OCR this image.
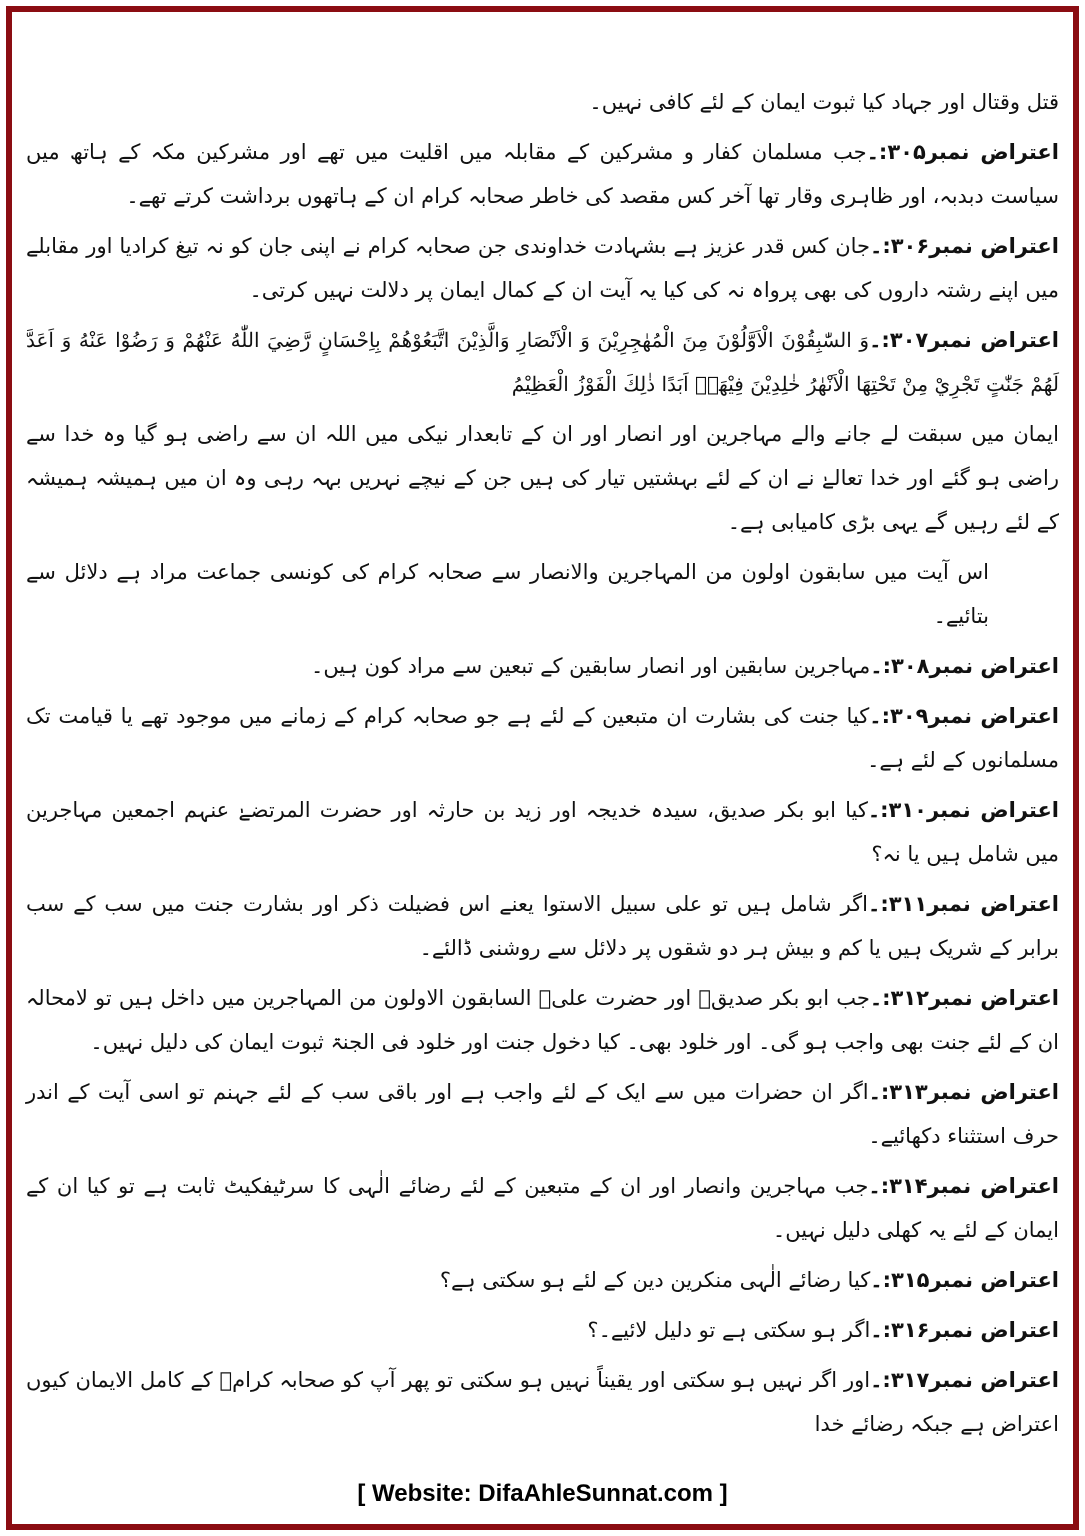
قتل وقتال اور جہاد کیا ثبوت ایمان کے لئے کافی نہیں۔

اعتراض نمبر۳۰۵:۔جب مسلمان کفار و مشرکین کے مقابلہ میں اقلیت میں تھے اور مشرکین مکہ کے ہاتھ میں سیاست دبدبہ، اور ظاہری وقار تھا آخر کس مقصد کی خاطر صحابہ کرام ان کے ہاتھوں برداشت کرتے تھے۔

اعتراض نمبر۳۰۶:۔جان کس قدر عزیز ہے بشہادت خداوندی جن صحابہ کرام نے اپنی جان کو نہ تیغ کرادیا اور مقابلے میں اپنے رشتہ داروں کی بھی پرواہ نہ کی کیا یہ آیت ان کے کمال ایمان پر دلالت نہیں کرتی۔

اعتراض نمبر۳۰۷:۔وَ السّٰبِقُوْنَ الْاَوَّلُوْنَ مِنَ الْمُهٰجِرِيْنَ وَ الْاَنْصَارِ وَالَّذِيْنَ اتَّبَعُوْهُمْ بِاِحْسَانٍ رَّضِيَ اللّٰهُ عَنْهُمْ وَ رَضُوْا عَنْهُ وَ اَعَدَّ لَهُمْ جَنّٰتٍ تَجْرِيْ مِنْ تَحْتِهَا الْاَنْهٰرُ خٰلِدِيْنَ فِيْهَاۤ اَبَدًا ذٰلِكَ الْفَوْزُ الْعَظِيْمُ

ایمان میں سبقت لے جانے والے مہاجرین اور انصار اور ان کے تابعدار نیکی میں اللہ ان سے راضی ہو گیا وہ خدا سے راضی ہو گئے اور خدا تعالےٰ نے ان کے لئے بہشتیں تیار کی ہیں جن کے نیچے نہریں بہہ رہی وہ ان میں ہمیشہ ہمیشہ کے لئے رہیں گے یہی بڑی کامیابی ہے۔

اس آیت میں سابقون اولون من المہاجرین والانصار سے صحابہ کرام کی کونسی جماعت مراد ہے دلائل سے بتائیے۔

اعتراض نمبر۳۰۸:۔مہاجرین سابقین اور انصار سابقین کے تبعین سے مراد کون ہیں۔

اعتراض نمبر۳۰۹:۔کیا جنت کی بشارت ان متبعین کے لئے ہے جو صحابہ کرام کے زمانے میں موجود تھے یا قیامت تک مسلمانوں کے لئے ہے۔

اعتراض نمبر۳۱۰:۔کیا ابو بکر صدیق، سیدہ خدیجہ اور زید بن حارثہ اور حضرت المرتضےٰ عنہم اجمعین مہاجرین میں شامل ہیں یا نہ؟

اعتراض نمبر۳۱۱:۔اگر شامل ہیں تو علی سبیل الاستوا یعنے اس فضیلت ذکر اور بشارت جنت میں سب کے سب برابر کے شریک ہیں یا کم و بیش ہر دو شقوں پر دلائل سے روشنی ڈالئے۔

اعتراض نمبر۳۱۲:۔جب ابو بکر صدیقؓ اور حضرت علیؓ السابقون الاولون من المہاجرین میں داخل ہیں تو لامحالہ ان کے لئے جنت بھی واجب ہو گی۔ اور خلود بھی۔ کیا دخول جنت اور خلود فی الجنۃ ثبوت ایمان کی دلیل نہیں۔

اعتراض نمبر۳۱۳:۔اگر ان حضرات میں سے ایک کے لئے واجب ہے اور باقی سب کے لئے جہنم تو اسی آیت کے اندر حرف استثناء دکھائیے۔

اعتراض نمبر۳۱۴:۔جب مہاجرین وانصار اور ان کے متبعین کے لئے رضائے الٰہی کا سرٹیفکیٹ ثابت ہے تو کیا ان کے ایمان کے لئے یہ کھلی دلیل نہیں۔

اعتراض نمبر۳۱۵:۔کیا رضائے الٰہی منکرین دین کے لئے ہو سکتی ہے؟

اعتراض نمبر۳۱۶:۔اگر ہو سکتی ہے تو دلیل لائیے۔؟

اعتراض نمبر۳۱۷:۔اور اگر نہیں ہو سکتی اور یقیناً نہیں ہو سکتی تو پھر آپ کو صحابہ کرامؓ کے کامل الایمان کیوں اعتراض ہے جبکہ رضائے خدا

[ Website: DifaAhleSunnat.com ]
